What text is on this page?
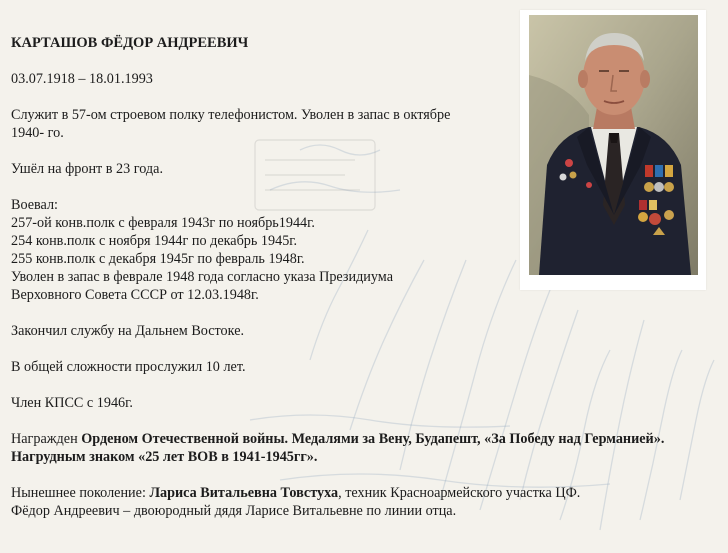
КАРТАШОВ ФЁДОР АНДРЕЕВИЧ

03.07.1918 – 18.01.1993

Служит в 57-ом строевом полку телефонистом. Уволен в запас в октябре 1940- го.

Ушёл на фронт в 23 года.

Воевал:
257-ой конв.полк с февраля 1943г по ноябрь1944г.
254 конв.полк с ноября 1944г по декабрь 1945г.
255 конв.полк с декабря 1945г по февраль 1948г.
Уволен в запас в феврале 1948 года согласно указа Президиума
Верховного Совета СССР от 12.03.1948г.

Закончил службу на Дальнем Востоке.

В общей сложности прослужил 10 лет.

Член КПСС с 1946г.

Награжден Орденом Отечественной войны. Медалями за Вену, Будапешт, «За Победу над Германией». Нагрудным знаком «25 лет ВОВ в 1941-1945гг».

Нынешнее поколение: Лариса Витальевна Товстуха, техник Красноармейского участка ЦФ.
Фёдор Андреевич – двоюродный дядя Ларисе Витальевне по линии отца.
